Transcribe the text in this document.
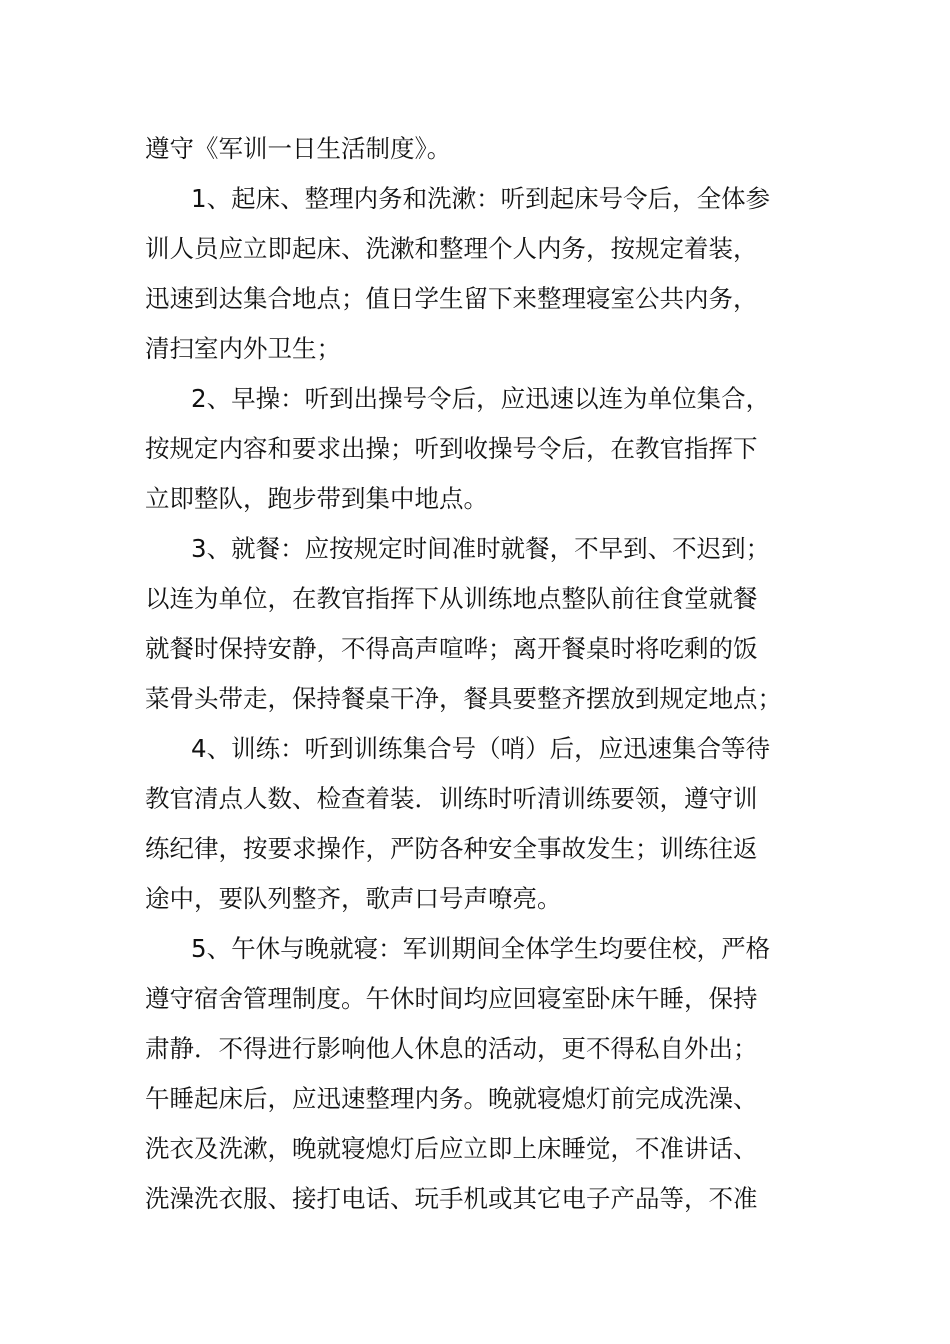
遵守《军训一日生活制度》。
1、起床、整理内务和洗漱：听到起床号令后，全体参
训人员应立即起床、洗漱和整理个人内务，按规定着装，
迅速到达集合地点；值日学生留下来整理寝室公共内务，
清扫室内外卫生；
2、早操：听到出操号令后，应迅速以连为单位集合，
按规定内容和要求出操；听到收操号令后，在教官指挥下
立即整队，跑步带到集中地点。
3、就餐：应按规定时间准时就餐，不早到、不迟到；
以连为单位，在教官指挥下从训练地点整队前往食堂就餐
就餐时保持安静，不得高声喧哗；离开餐桌时将吃剩的饭
菜骨头带走，保持餐桌干净，餐具要整齐摆放到规定地点；
4、训练：听到训练集合号（哨）后，应迅速集合等待
教官清点人数、检查着装．训练时听清训练要领，遵守训
练纪律，按要求操作，严防各种安全事故发生；训练往返
途中，要队列整齐，歌声口号声嘹亮。
5、午休与晚就寝：军训期间全体学生均要住校，严格
遵守宿舍管理制度。午休时间均应回寝室卧床午睡，保持
肃静．不得进行影响他人休息的活动，更不得私自外出；
午睡起床后，应迅速整理内务。晚就寝熄灯前完成洗澡、
洗衣及洗漱，晚就寝熄灯后应立即上床睡觉，不准讲话、
洗澡洗衣服、接打电话、玩手机或其它电子产品等，不准
